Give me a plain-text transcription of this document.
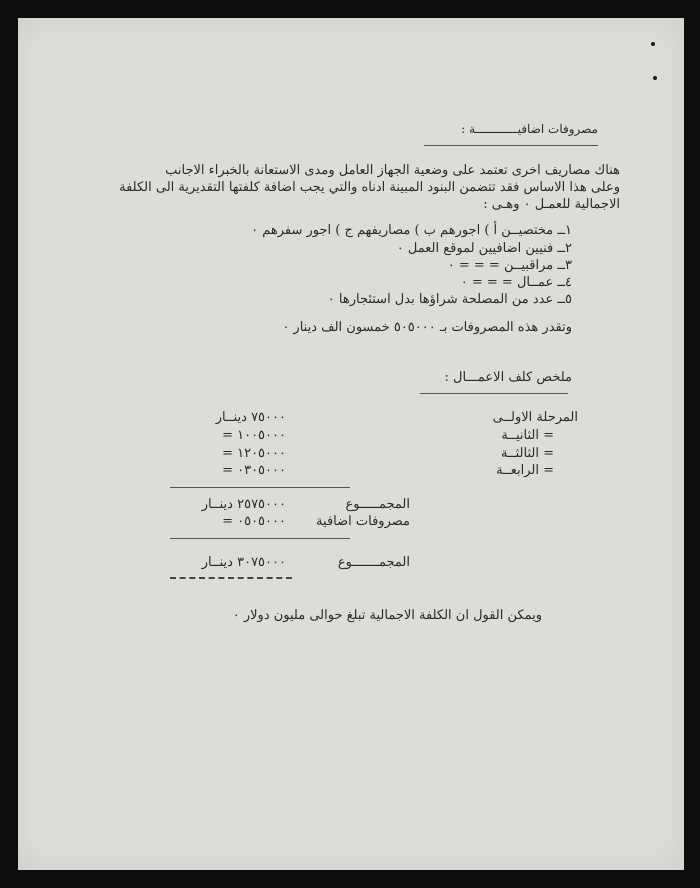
مصروفات اضافيــــــــــــة :
هناك مصاريف اخرى تعتمد على وضعية الجهاز العامل ومدى الاستعانة بالخبراء الاجانب
وعلى هذا الاساس فقد تتضمن البنود المبينة ادناه والتي يجب اضافة كلفتها التقديرية الى الكلفة
الاجمالية للعمـل ٠ وهـى :
١ــ مختصيــن أ ) اجورهم ب ) مصاريفهم ج ) اجور سفرهم ٠
٢ــ فنيين اضافيين لموقع العمل ٠
٣ــ مراقبيــن = = = ٠
٤ــ عمــال = = = ٠
٥ــ عدد من المصلحة شراؤها بدل استئجارها ٠
وتقدر هذه المصروفات بـ ٥٠٥٠٠٠ خمسون الف دينار ٠
ملخص كلف الاعمـــال :
المرحلة الاولــى
٧٥٠٠٠ دينــار
= الثانيــة
١٠٠٥٠٠٠ =
= الثالثــة
١٢٠٥٠٠٠ =
= الرابعــة
٠٣٠٥٠٠٠ =
المجمـــــوع
٢٥٧٥٠٠٠ دينــار
مصروفات اضافية
٠٥٠٥٠٠٠ =
المجمـــــــوع
٣٠٧٥٠٠٠ دينــار
ويمكن القول ان الكلفة الاجمالية تبلغ حوالى مليون دولار ٠
